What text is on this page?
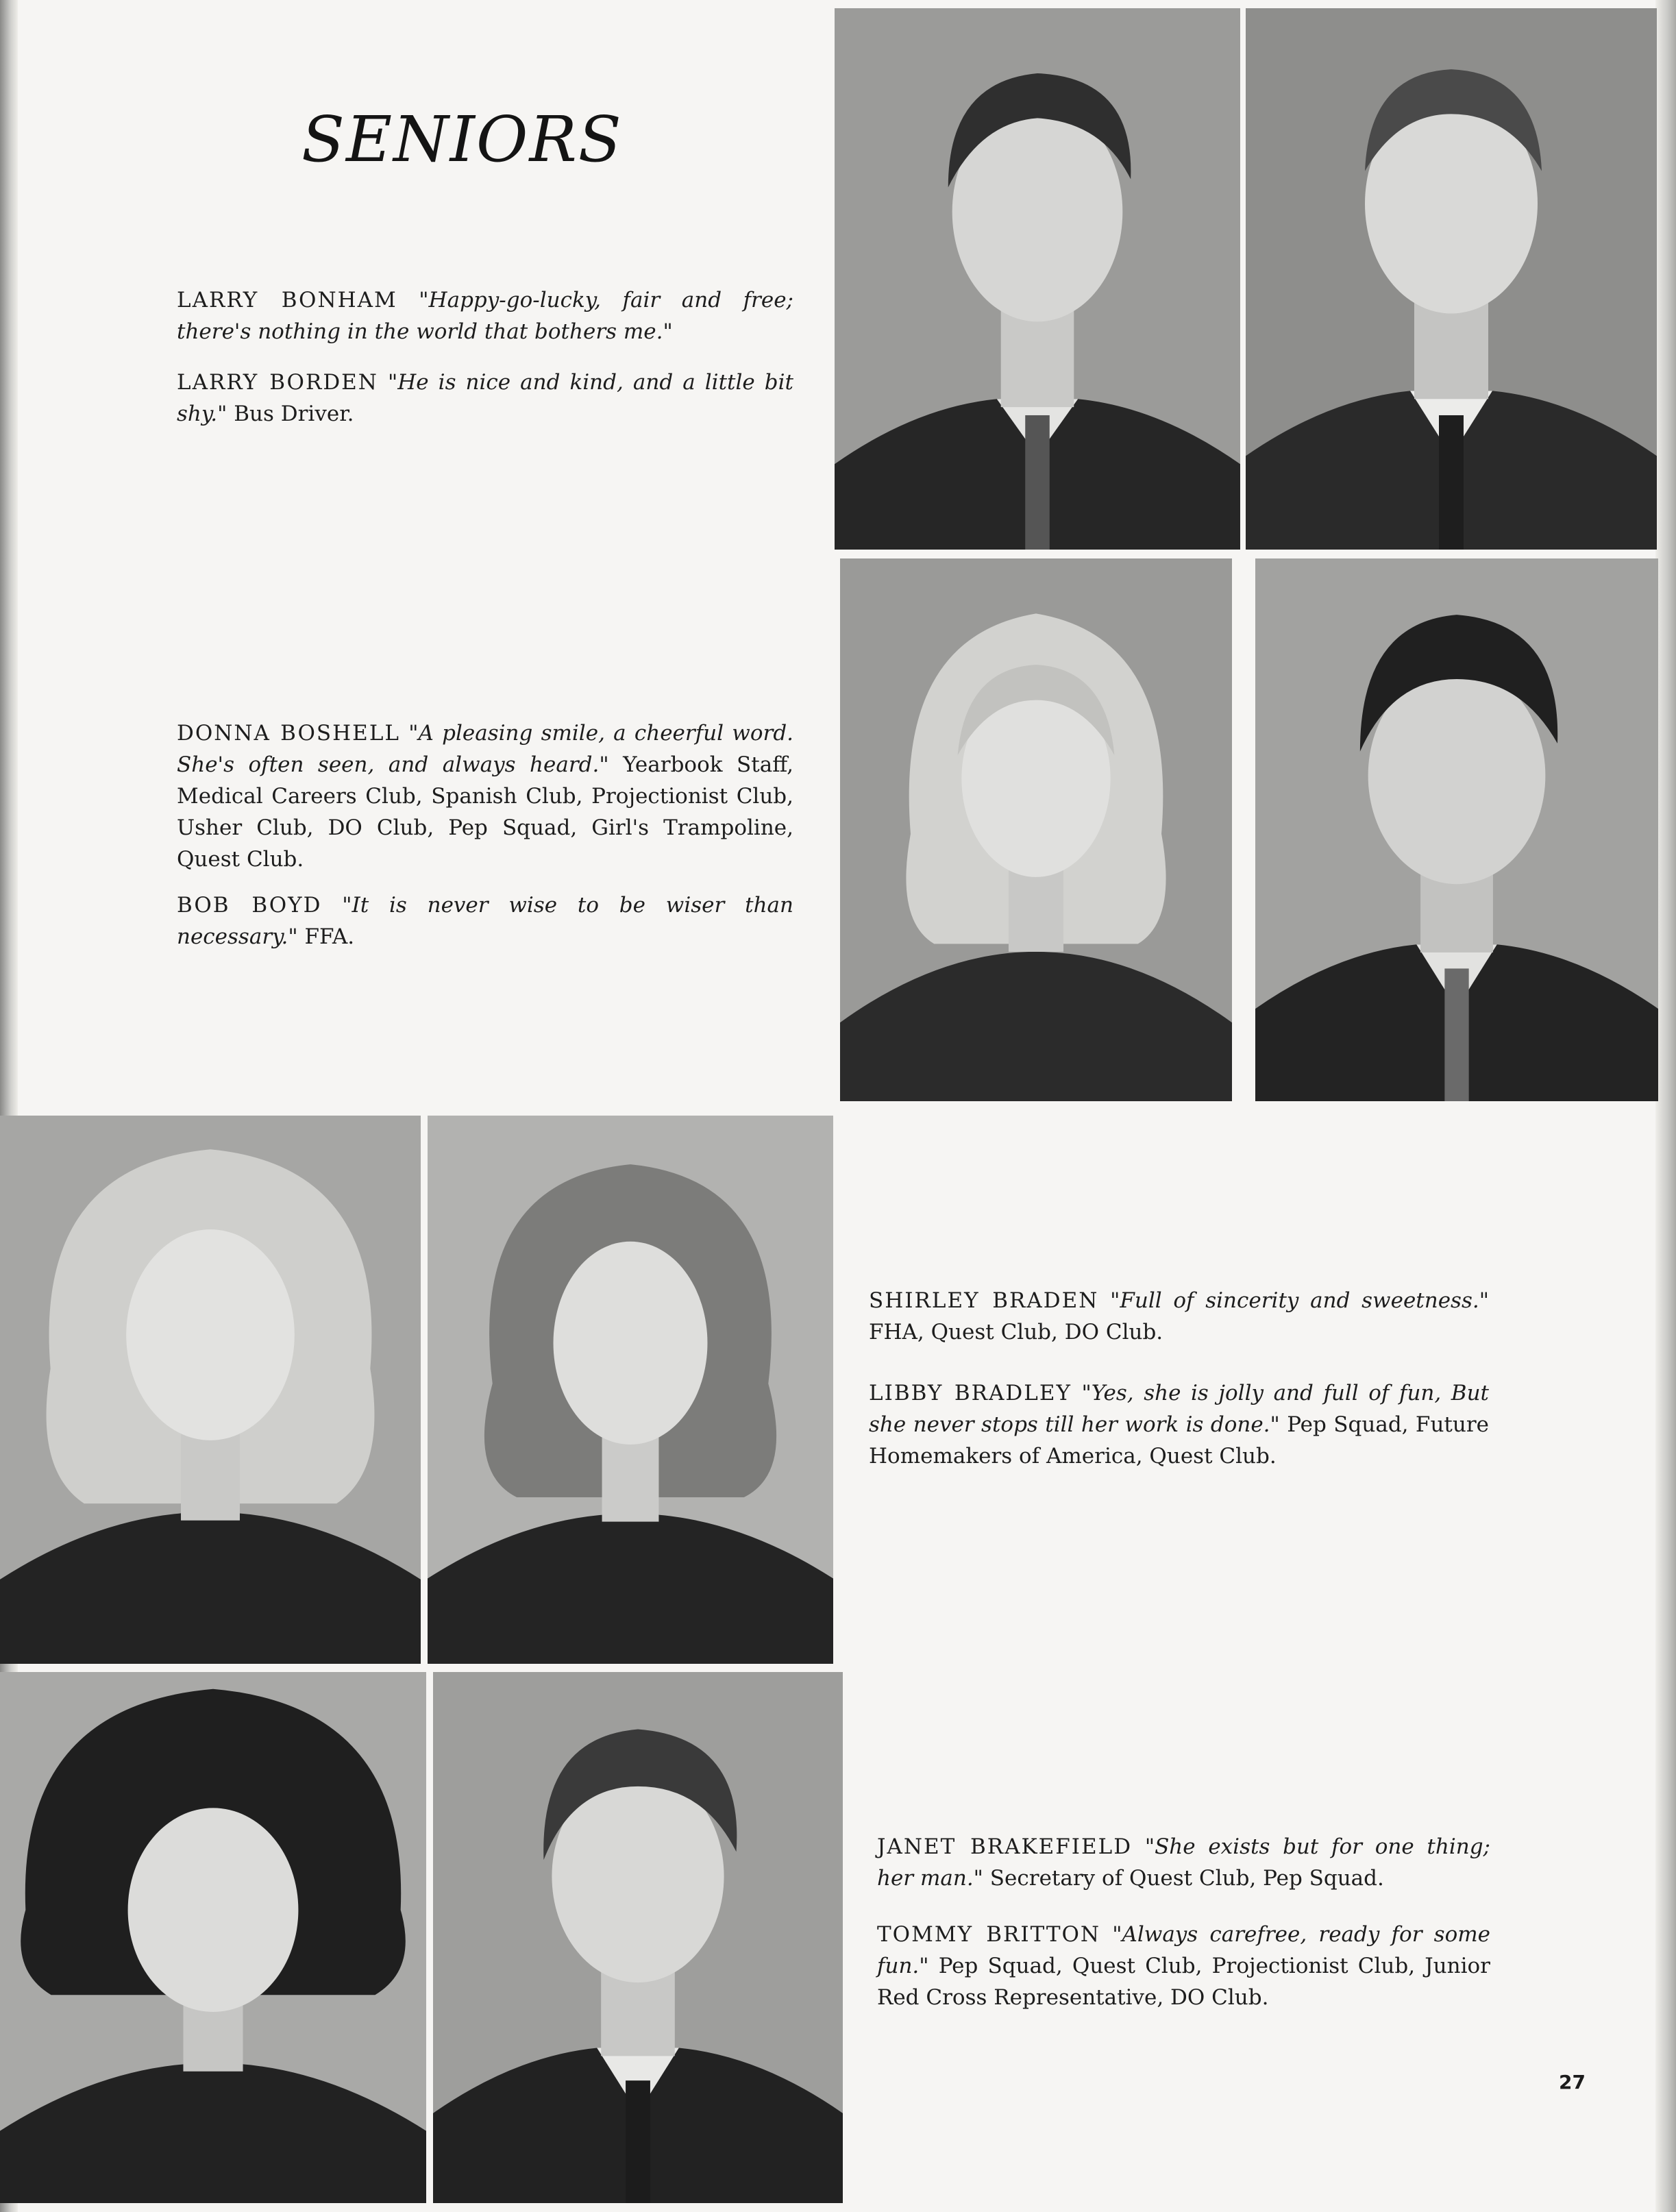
SENIORS
LARRY BONHAM "Happy-go-lucky, fair and free; there's nothing in the world that bothers me."
LARRY BORDEN "He is nice and kind, and a little bit shy." Bus Driver.
DONNA BOSHELL "A pleasing smile, a cheerful word. She's often seen, and always heard." Yearbook Staff, Medical Careers Club, Spanish Club, Projectionist Club, Usher Club, DO Club, Pep Squad, Girl's Trampoline, Quest Club.
BOB BOYD "It is never wise to be wiser than necessary." FFA.
SHIRLEY BRADEN "Full of sincerity and sweetness." FHA, Quest Club, DO Club.
LIBBY BRADLEY "Yes, she is jolly and full of fun, But she never stops till her work is done." Pep Squad, Future Homemakers of America, Quest Club.
JANET BRAKEFIELD "She exists but for one thing; her man." Secretary of Quest Club, Pep Squad.
TOMMY BRITTON "Always carefree, ready for some fun." Pep Squad, Quest Club, Projectionist Club, Junior Red Cross Representative, DO Club.
27
